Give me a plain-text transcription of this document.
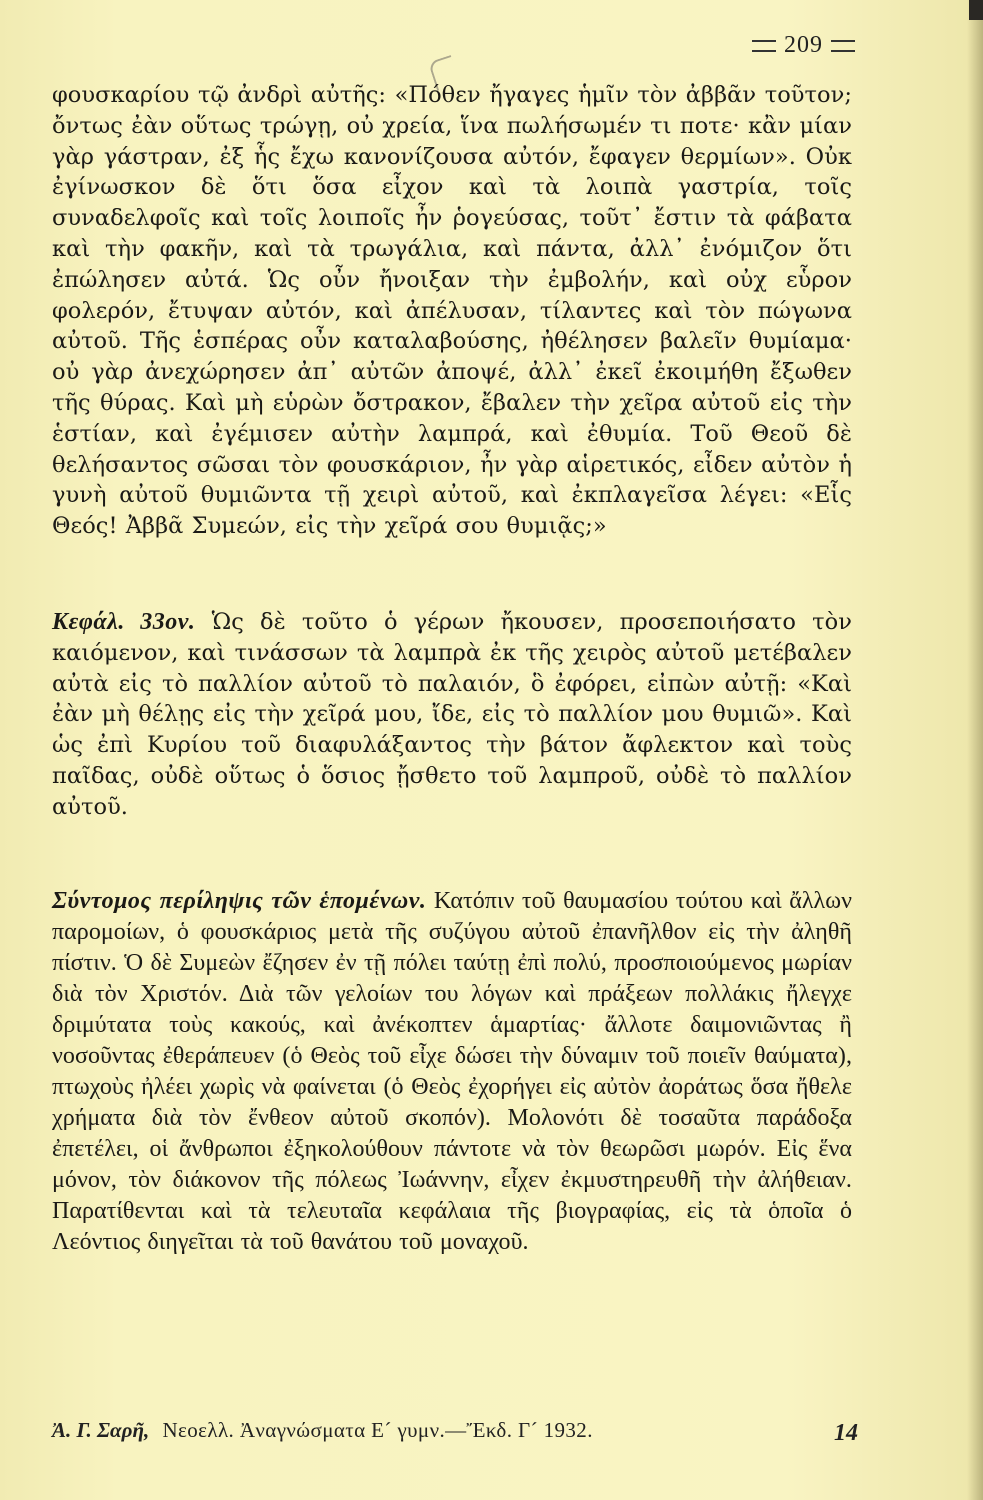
209
φουσκαρίου τῷ ἀνδρὶ αὐτῆς: «Πόθεν ἤγαγες ἡμῖν τὸν ἀββᾶν τοῦτον; ὄντως ἐὰν οὕτως τρώγῃ, οὐ χρεία, ἵνα πωλήσωμέν τι ποτε· κἂν μίαν γὰρ γάστραν, ἐξ ἧς ἔχω κανονίζουσα αὐτόν, ἔφαγεν θερμίων». Οὐκ ἐγίνωσκον δὲ ὅτι ὅσα εἶχον καὶ τὰ λοιπὰ γαστρία, τοῖς συναδελφοῖς καὶ τοῖς λοιποῖς ἦν ῥογεύσας, τοῦτ᾿ ἔστιν τὰ φάβατα καὶ τὴν φακῆν, καὶ τὰ τρωγάλια, καὶ πάντα, ἀλλ᾿ ἐνόμιζον ὅτι ἐπώλησεν αὐτά. Ὡς οὖν ἤνοιξαν τὴν ἐμβολήν, καὶ οὐχ εὗρον φολερόν, ἔτυψαν αὐτόν, καὶ ἀπέλυσαν, τίλαντες καὶ τὸν πώγωνα αὐτοῦ. Τῆς ἑσπέρας οὖν καταλαβούσης, ἠθέλησεν βαλεῖν θυμίαμα· οὐ γὰρ ἀνεχώρησεν ἀπ᾿ αὐτῶν ἀποψέ, ἀλλ᾿ ἐκεῖ ἐκοιμήθη ἔξωθεν τῆς θύρας. Καὶ μὴ εὑρὼν ὄστρακον, ἔβαλεν τὴν χεῖρα αὐτοῦ εἰς τὴν ἑστίαν, καὶ ἐγέμισεν αὐτὴν λαμπρά, καὶ ἐθυμία. Τοῦ Θεοῦ δὲ θελήσαντος σῶσαι τὸν φουσκάριον, ἦν γὰρ αἱρετικός, εἶδεν αὐτὸν ἡ γυνὴ αὐτοῦ θυμιῶντα τῇ χειρὶ αὐτοῦ, καὶ ἐκπλαγεῖσα λέγει: «Εἷς Θεός! Ἀββᾶ Συμεών, εἰς τὴν χεῖρά σου θυμιᾷς;»
Κεφάλ. 33ον. Ὡς δὲ τοῦτο ὁ γέρων ἤκουσεν, προσεποιήσατο τὸν καιόμενον, καὶ τινάσσων τὰ λαμπρὰ ἐκ τῆς χειρὸς αὐτοῦ μετέβαλεν αὐτὰ εἰς τὸ παλλίον αὐτοῦ τὸ παλαιόν, ὃ ἐφόρει, εἰπὼν αὐτῇ: «Καὶ ἐὰν μὴ θέλῃς εἰς τὴν χεῖρά μου, ἴδε, εἰς τὸ παλλίον μου θυμιῶ». Καὶ ὡς ἐπὶ Κυρίου τοῦ διαφυλάξαντος τὴν βάτον ἄφλεκτον καὶ τοὺς παῖδας, οὐδὲ οὕτως ὁ ὅσιος ᾔσθετο τοῦ λαμπροῦ, οὐδὲ τὸ παλλίον αὐτοῦ.
Σύντομος περίληψις τῶν ἑπομένων. Κατόπιν τοῦ θαυμασίου τούτου καὶ ἄλλων παρομοίων, ὁ φουσκάριος μετὰ τῆς συζύγου αὐτοῦ ἐπανῆλθον εἰς τὴν ἀληθῆ πίστιν. Ὁ δὲ Συμεὼν ἔζησεν ἐν τῇ πόλει ταύτῃ ἐπὶ πολύ, προσποιούμενος μωρίαν διὰ τὸν Χριστόν. Διὰ τῶν γελοίων του λόγων καὶ πράξεων πολλάκις ἤλεγχε δριμύτατα τοὺς κακούς, καὶ ἀνέκοπτεν ἁμαρτίας· ἄλλοτε δαιμονιῶντας ἢ νοσοῦντας ἐθεράπευεν (ὁ Θεὸς τοῦ εἶχε δώσει τὴν δύναμιν τοῦ ποιεῖν θαύματα), πτωχοὺς ἠλέει χωρὶς νὰ φαίνεται (ὁ Θεὸς ἐχορήγει εἰς αὐτὸν ἀοράτως ὅσα ἤθελε χρήματα διὰ τὸν ἔνθεον αὐτοῦ σκοπόν). Μολονότι δὲ τοσαῦτα παράδοξα ἐπετέλει, οἱ ἄνθρωποι ἐξηκολούθουν πάντοτε νὰ τὸν θεωρῶσι μωρόν. Εἰς ἕνα μόνον, τὸν διάκονον τῆς πόλεως Ἰωάννην, εἶχεν ἐκμυστηρευθῆ τὴν ἀλήθειαν. Παρατίθενται καὶ τὰ τελευταῖα κεφάλαια τῆς βιογραφίας, εἰς τὰ ὁποῖα ὁ Λεόντιος διηγεῖται τὰ τοῦ θανάτου τοῦ μοναχοῦ.
Ἀ. Γ. Σαρῆ, Νεοελλ. Ἀναγνώσματα Ε´ γυμν.—Ἔκδ. Γ´ 1932.	14
